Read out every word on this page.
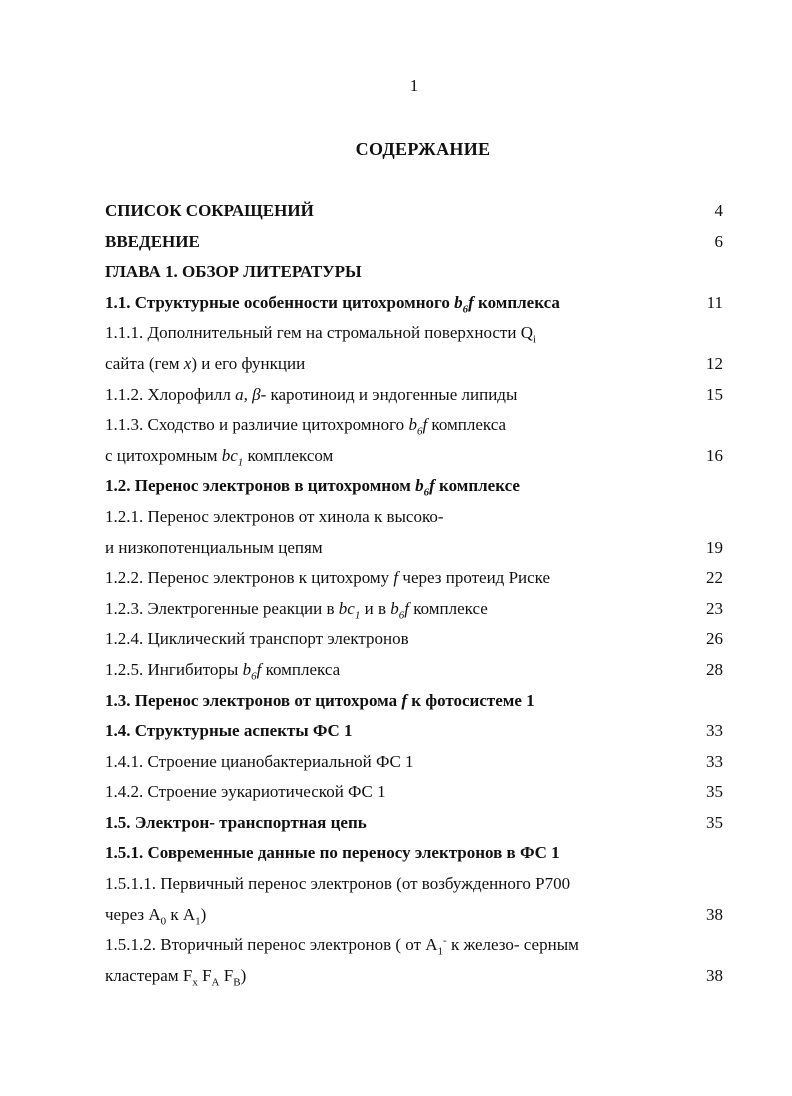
1
СОДЕРЖАНИЕ
СПИСОК СОКРАЩЕНИЙ	4
ВВЕДЕНИЕ	6
ГЛАВА 1. ОБЗОР ЛИТЕРАТУРЫ
1.1. Структурные особенности цитохромного $b_6f$ комплекса	11
1.1.1. Дополнительный гем на стромальной поверхности $Q_i$
сайта (гем x) и его функции	12
1.1.2. Хлорофилл a, β- каротиноид и эндогенные липиды	15
1.1.3. Сходство и различие цитохромного $b_6f$ комплекса
с цитохромным $bc_1$ комплексом	16
1.2. Перенос электронов в цитохромном $b_6f$ комплексе
1.2.1. Перенос электронов от хинола к высоко-
и низкопотенциальным цепям	19
1.2.2. Перенос электронов к цитохрому f через протеид Риске	22
1.2.3. Электрогенные реакции в $bc_1$ и в $b_6f$ комплексе	23
1.2.4. Циклический транспорт электронов	26
1.2.5. Ингибиторы $b_6f$ комплекса	28
1.3. Перенос электронов от цитохрома f к фотосистеме 1
1.4. Структурные аспекты ФС 1	33
1.4.1. Строение цианобактериальной ФС 1	33
1.4.2. Строение эукариотической ФС 1	35
1.5. Электрон- транспортная цепь	35
1.5.1. Современные данные по переносу электронов в ФС 1
1.5.1.1. Первичный перенос электронов (от возбужденного Р700
через $А_0$ к $А_1$)	38
1.5.1.2. Вторичный перенос электронов ( от $А_1^-$ к железо- серным
кластерам $F_x$ $F_A$ $F_B$)	38
